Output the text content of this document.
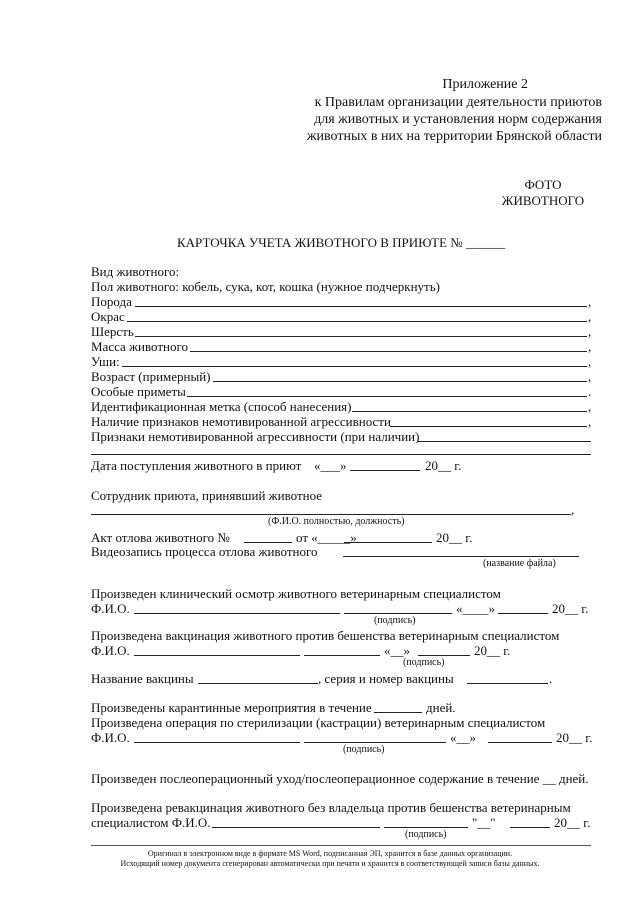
Приложение 2
к Правилам организации деятельности приютов
для животных и установления норм содержания
животных в них на территории Брянской области
ФОТО
ЖИВОТНОГО
КАРТОЧКА УЧЕТА ЖИВОТНОГО В ПРИЮТЕ № ______
Вид животного:
Пол животного: кобель, сука, кот, кошка (нужное подчеркнуть)
Порода	,
Окрас	,
Шерсть	,
Масса животного	,
Уши:	,
Возраст (примерный)	,
Особые приметы	.
Идентификационная метка (способ нанесения)	,
Наличие признаков немотивированной агрессивности	,
Признаки немотивированной агрессивности (при наличии)
Дата поступления животного в приют «___»	20__ г.
Сотрудник приюта, принявший животное
,
(Ф.И.О. полностью, должность)
Акт отлова животного №	от «_____»	20__ г.
Видеозапись процесса отлова животного
(название файла)
Произведен клинический осмотр животного ветеринарным специалистом
Ф.И.О.	«____»	20__ г.
(подпись)
Произведена вакцинация животного против бешенства ветеринарным специалистом
Ф.И.О.	«__»	20__ г.
(подпись)
Название вакцины	, серия и номер вакцины	.
Произведены карантинные мероприятия в течение	дней.
Произведена операция по стерилизации (кастрации) ветеринарным специалистом
Ф.И.О.	«__»	20__ г.
(подпись)
Произведен послеоперационный уход/послеоперационное содержание в течение __ дней.
Произведена ревакцинация животного без владельца против бешенства ветеринарным
специалистом Ф.И.О.	"__"	20__ г.
(подпись)
Оригинал в электронном виде в формате MS Word, подписанная ЭП, хранится в базе данных организации.
Исходящий номер документа сгенерирован автоматически при печати и хранится в соответствующей записи базы данных.
